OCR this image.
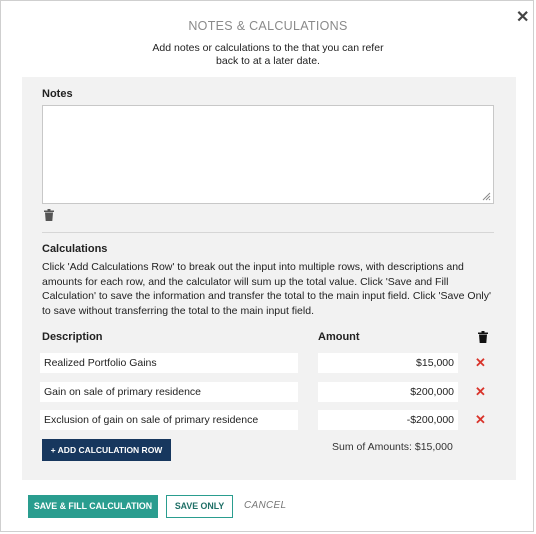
✕
NOTES & CALCULATIONS
Add notes or calculations to the that you can refer back to at a later date.
Notes
Calculations
Click 'Add Calculations Row' to break out the input into multiple rows, with descriptions and amounts for each row, and the calculator will sum up the total value. Click 'Save and Fill Calculation' to save the information and transfer the total to the main input field. Click 'Save Only' to save without transferring the total to the main input field.
Description	Amount
Realized Portfolio Gains	$15,000	✕
Gain on sale of primary residence	$200,000	✕
Exclusion of gain on sale of primary residence	-$200,000	✕
+ ADD CALCULATION ROW	Sum of Amounts: $15,000
SAVE & FILL CALCULATION	SAVE ONLY	CANCEL
